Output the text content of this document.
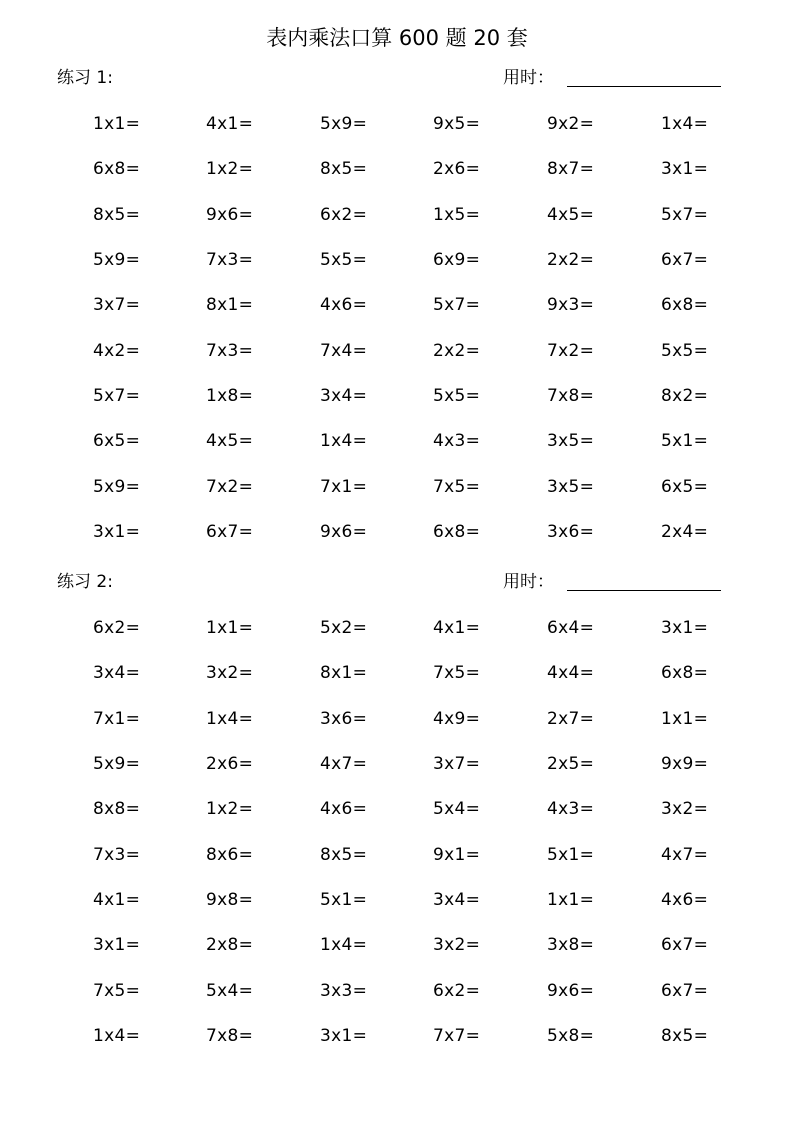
表内乘法口算 600 题 20 套
练习 1:	用时：
1x1=	4x1=	5x9=	9x5=	9x2=	1x4=
6x8=	1x2=	8x5=	2x6=	8x7=	3x1=
8x5=	9x6=	6x2=	1x5=	4x5=	5x7=
5x9=	7x3=	5x5=	6x9=	2x2=	6x7=
3x7=	8x1=	4x6=	5x7=	9x3=	6x8=
4x2=	7x3=	7x4=	2x2=	7x2=	5x5=
5x7=	1x8=	3x4=	5x5=	7x8=	8x2=
6x5=	4x5=	1x4=	4x3=	3x5=	5x1=
5x9=	7x2=	7x1=	7x5=	3x5=	6x5=
3x1=	6x7=	9x6=	6x8=	3x6=	2x4=
练习 2:	用时：
6x2=	1x1=	5x2=	4x1=	6x4=	3x1=
3x4=	3x2=	8x1=	7x5=	4x4=	6x8=
7x1=	1x4=	3x6=	4x9=	2x7=	1x1=
5x9=	2x6=	4x7=	3x7=	2x5=	9x9=
8x8=	1x2=	4x6=	5x4=	4x3=	3x2=
7x3=	8x6=	8x5=	9x1=	5x1=	4x7=
4x1=	9x8=	5x1=	3x4=	1x1=	4x6=
3x1=	2x8=	1x4=	3x2=	3x8=	6x7=
7x5=	5x4=	3x3=	6x2=	9x6=	6x7=
1x4=	7x8=	3x1=	7x7=	5x8=	8x5=
